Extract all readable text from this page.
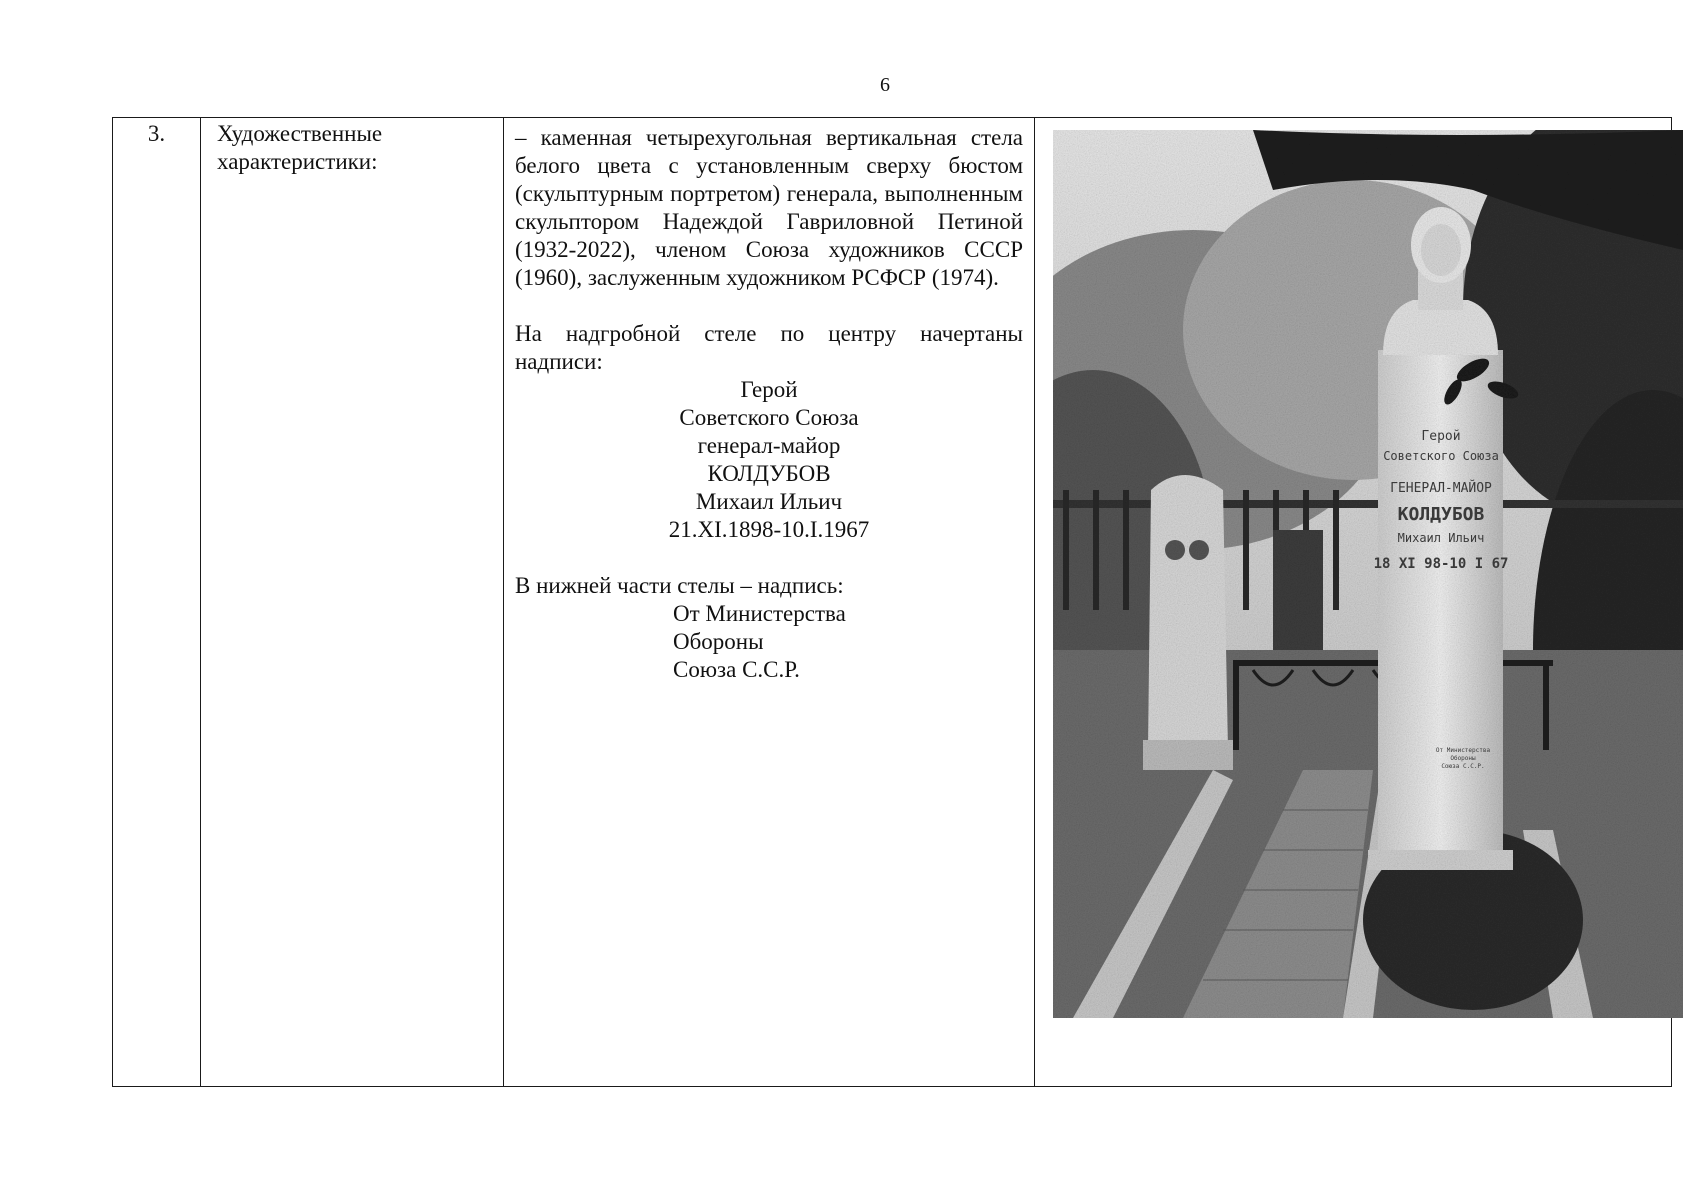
6
3.	Художественные характеристики:

– каменная четырехугольная вертикальная стела белого цвета с установленным сверху бюстом (скульптурным портретом) генерала, выполненным скульптором Надеждой Гавриловной Петиной (1932-2022), членом Союза художников СССР (1960), заслуженным художником РСФСР (1974).

На надгробной стеле по центру начертаны надписи:

Герой
Советского Союза
генерал-майор
КОЛДУБОВ
Михаил Ильич
21.XI.1898-10.I.1967

В нижней части стелы – надпись:

От Министерства
Обороны
Союза С.С.Р.
Герой
Советского Союза
ГЕНЕРАЛ-МАЙОР
КОЛДУБОВ
Михаил Ильич
18 XI 98-10 I 67
От Министерства
Обороны
Союза С.С.Р.
